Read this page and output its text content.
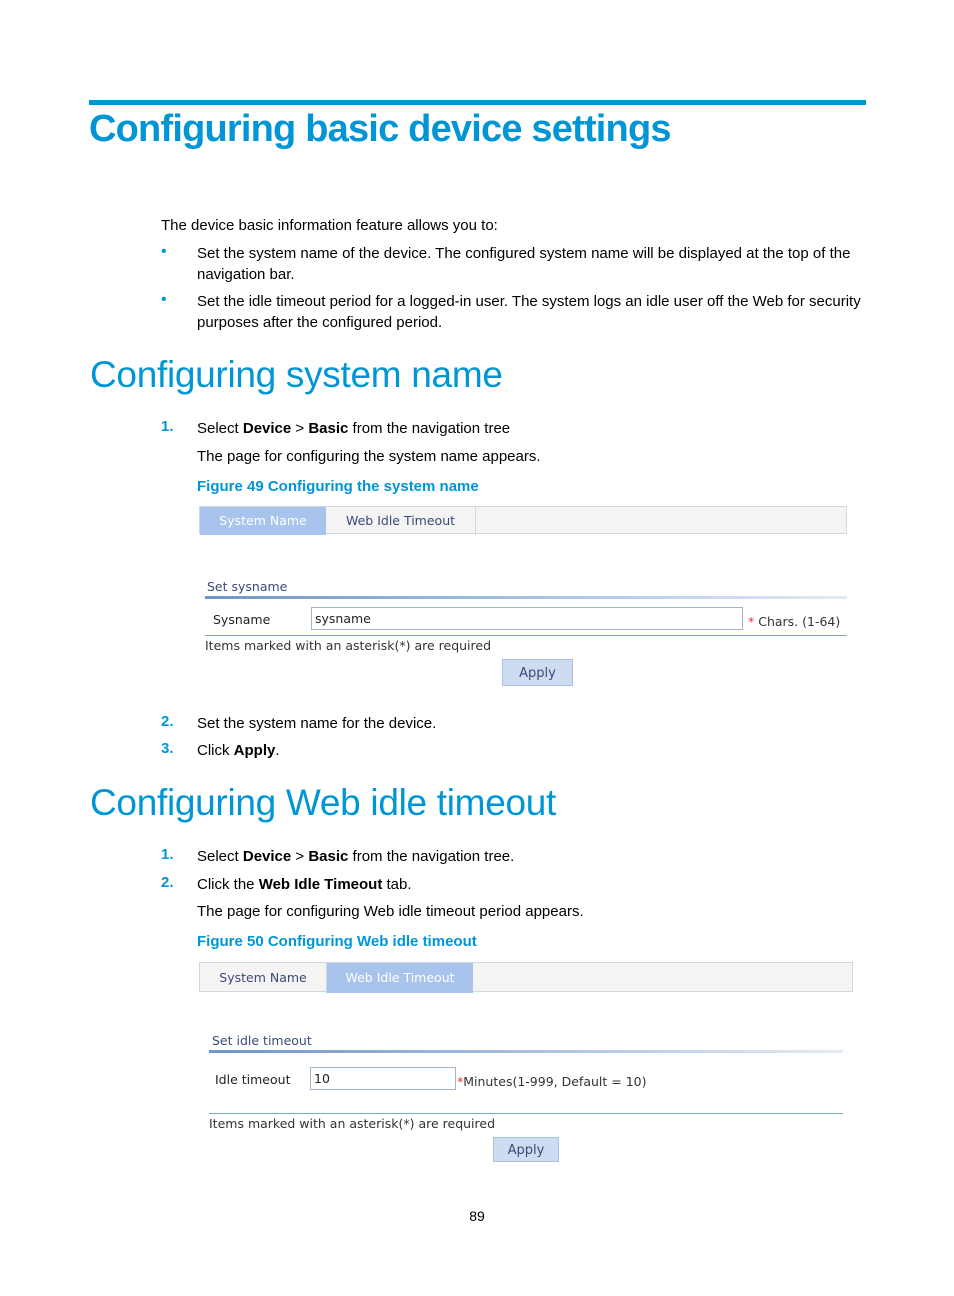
Configuring basic device settings
The device basic information feature allows you to:
• Set the system name of the device. The configured system name will be displayed at the top of the
navigation bar.
• Set the idle timeout period for a logged-in user. The system logs an idle user off the Web for security
purposes after the configured period.
Configuring system name
1. Select Device > Basic from the navigation tree
The page for configuring the system name appears.
Figure 49 Configuring the system name
System Name	Web Idle Timeout
Set sysname
Sysname
sysname	* Chars. (1-64)
Items marked with an asterisk(*) are required
Apply
2. Set the system name for the device.
3. Click Apply.
Configuring Web idle timeout
1. Select Device > Basic from the navigation tree.
2. Click the Web Idle Timeout tab.
The page for configuring Web idle timeout period appears.
Figure 50 Configuring Web idle timeout
System Name	Web Idle Timeout
Set idle timeout
Idle timeout
10	*Minutes(1-999, Default = 10)
Items marked with an asterisk(*) are required
Apply
89
